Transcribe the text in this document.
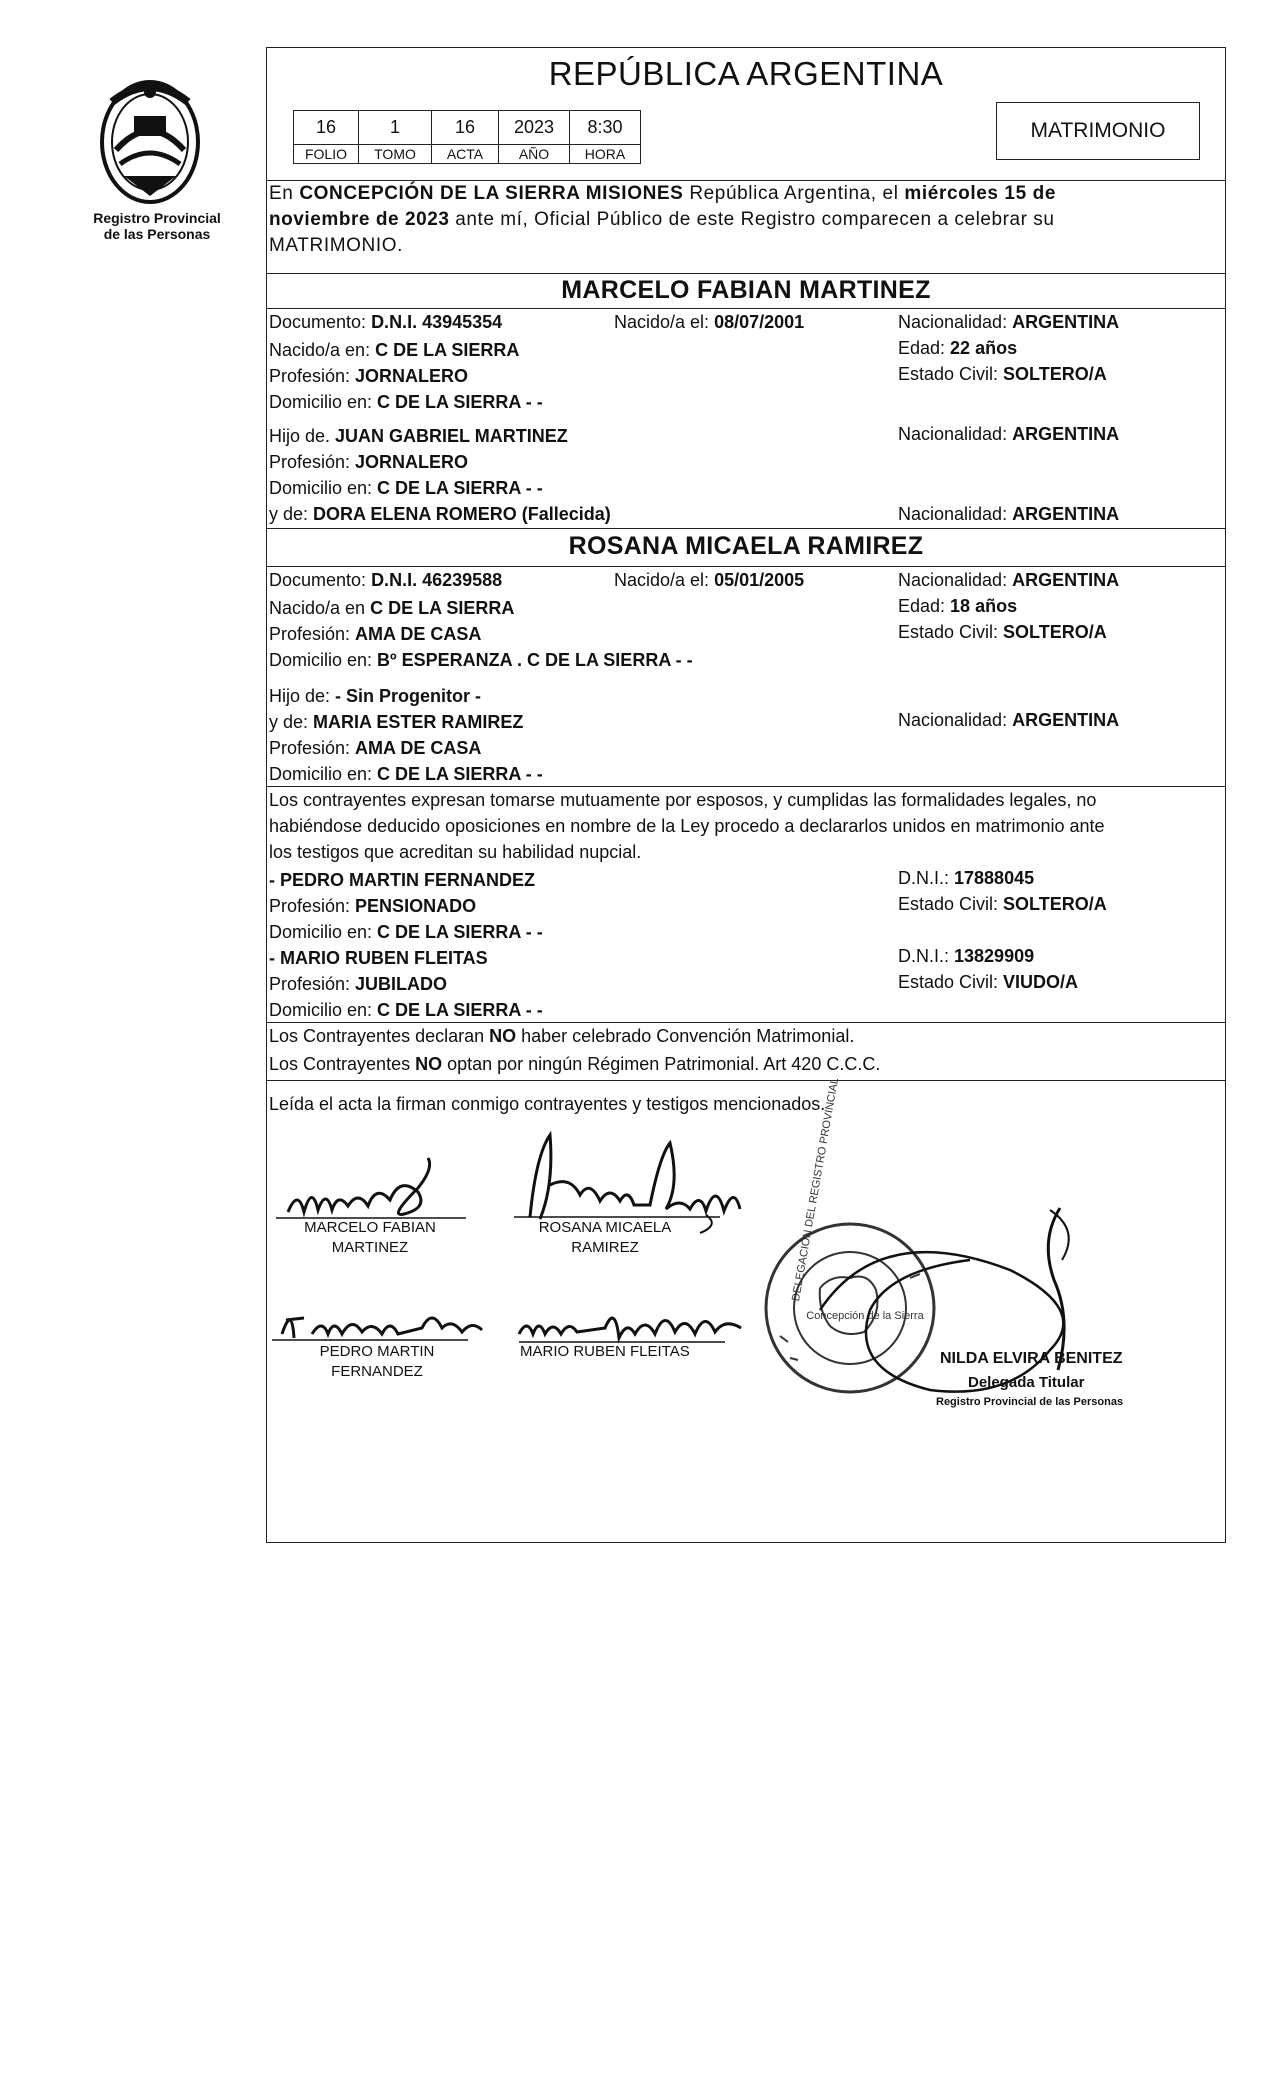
Registro Provincial
de las Personas
REPÚBLICA ARGENTINA
16	1	16	2023	8:30
FOLIO	TOMO	ACTA	AÑO	HORA
MATRIMONIO
En CONCEPCIÓN DE LA SIERRA MISIONES República Argentina, el miércoles 15 de
noviembre de 2023 ante mí, Oficial Público de este Registro comparecen a celebrar su
MATRIMONIO.
MARCELO FABIAN MARTINEZ
Documento: D.N.I. 43945354	Nacido/a el: 08/07/2001	Nacionalidad: ARGENTINA
Nacido/a en: C DE LA SIERRA	Edad: 22 años
Profesión: JORNALERO	Estado Civil: SOLTERO/A
Domicilio en: C DE LA SIERRA - -
Hijo de. JUAN GABRIEL MARTINEZ	Nacionalidad: ARGENTINA
Profesión: JORNALERO
Domicilio en: C DE LA SIERRA - -
y de: DORA ELENA ROMERO (Fallecida)	Nacionalidad: ARGENTINA
ROSANA MICAELA RAMIREZ
Documento: D.N.I. 46239588	Nacido/a el: 05/01/2005	Nacionalidad: ARGENTINA
Nacido/a en C DE LA SIERRA	Edad: 18 años
Profesión: AMA DE CASA	Estado Civil: SOLTERO/A
Domicilio en: Bº ESPERANZA . C DE LA SIERRA - -
Hijo de: - Sin Progenitor -
y de: MARIA ESTER RAMIREZ	Nacionalidad: ARGENTINA
Profesión: AMA DE CASA
Domicilio en: C DE LA SIERRA - -
Los contrayentes expresan tomarse mutuamente por esposos, y cumplidas las formalidades legales, no
habiéndose deducido oposiciones en nombre de la Ley procedo a declararlos unidos en matrimonio ante
los testigos que acreditan su habilidad nupcial.
- PEDRO MARTIN FERNANDEZ	D.N.I.: 17888045
Profesión: PENSIONADO	Estado Civil: SOLTERO/A
Domicilio en: C DE LA SIERRA - -
- MARIO RUBEN FLEITAS	D.N.I.: 13829909
Profesión: JUBILADO	Estado Civil: VIUDO/A
Domicilio en: C DE LA SIERRA - -
Los Contrayentes declaran NO haber celebrado Convención Matrimonial.
Los Contrayentes NO optan por ningún Régimen Patrimonial. Art 420 C.C.C.
Leída el acta la firman conmigo contrayentes y testigos mencionados.
MARCELO FABIAN
MARTINEZ
ROSANA MICAELA
RAMIREZ
PEDRO MARTIN
FERNANDEZ
MARIO RUBEN FLEITAS
DELEGACIÓN DEL REGISTRO PROVINCIAL
Concepción de la Sierra
NILDA ELVIRA BENITEZ
Delegada Titular
Registro Provincial de las Personas
